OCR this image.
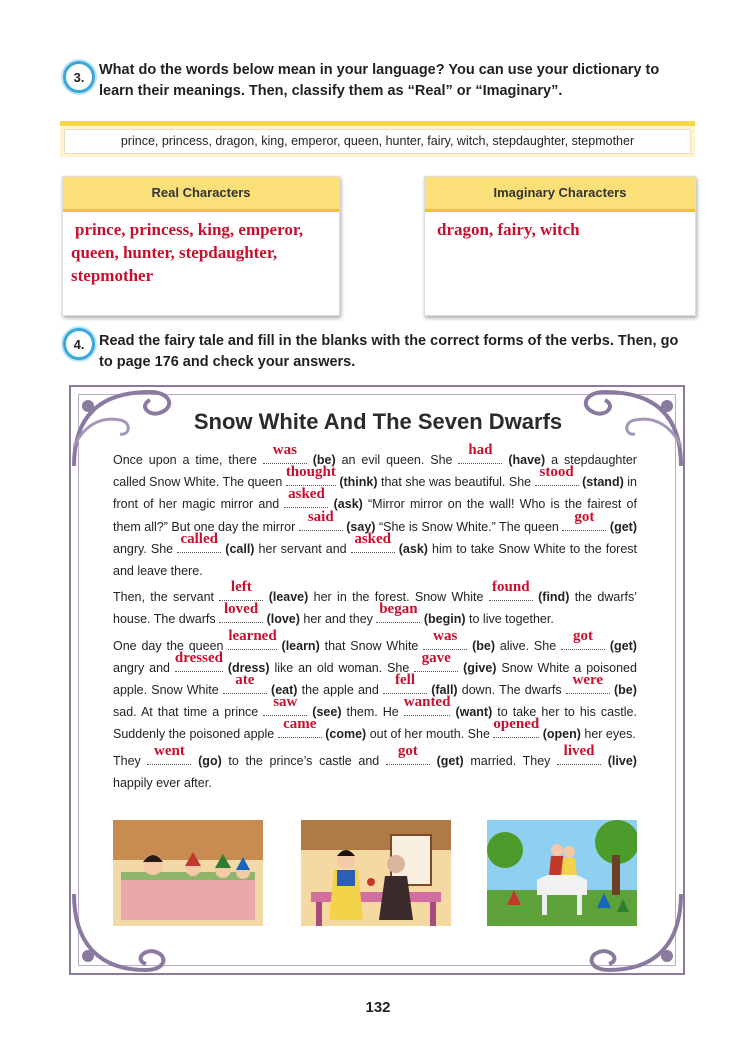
3. What do the words below mean in your language? You can use your dictionary to
learn their meanings. Then, classify them as “Real” or “Imaginary”.
prince, princess, dragon, king, emperor, queen, hunter, fairy, witch, stepdaughter, stepmother
Real Characters
prince, princess, king, emperor,
queen, hunter, stepdaughter,
stepmother
Imaginary Characters
dragon, fairy, witch
4. Read the fairy tale and fill in the blanks with the correct forms of the verbs. Then, go
to page 176 and check your answers.
Snow White And The Seven Dwarfs

Once upon a time, there was (be) an evil queen. She had (have) a stepdaughter called Snow White. The queen thought (think) that she was beautiful. She stood (stand) in front of her magic mirror and asked (ask) “Mirror mirror on the wall! Who is the fairest of them all?” But one day the mirror said (say) “She is Snow White.” The queen got (get) angry. She called (call) her servant and asked (ask) him to take Snow White to the forest and leave there.

Then, the servant left (leave) her in the forest. Snow White found (find) the dwarfs’ house. The dwarfs loved (love) her and they began (begin) to live together.

One day the queen learned (learn) that Snow White was (be) alive. She got (get) angry and dressed (dress) like an old woman. She gave (give) Snow White a poisoned apple. Snow White ate (eat) the apple and fell (fall) down. The dwarfs were (be) sad. At that time a prince saw (see) them. He wanted (want) to take her to his castle. Suddenly the poisoned apple came (come) out of her mouth. She opened (open) her eyes.

They went (go) to the prince’s castle and got (get) married. They lived (live) happily ever after.

132
